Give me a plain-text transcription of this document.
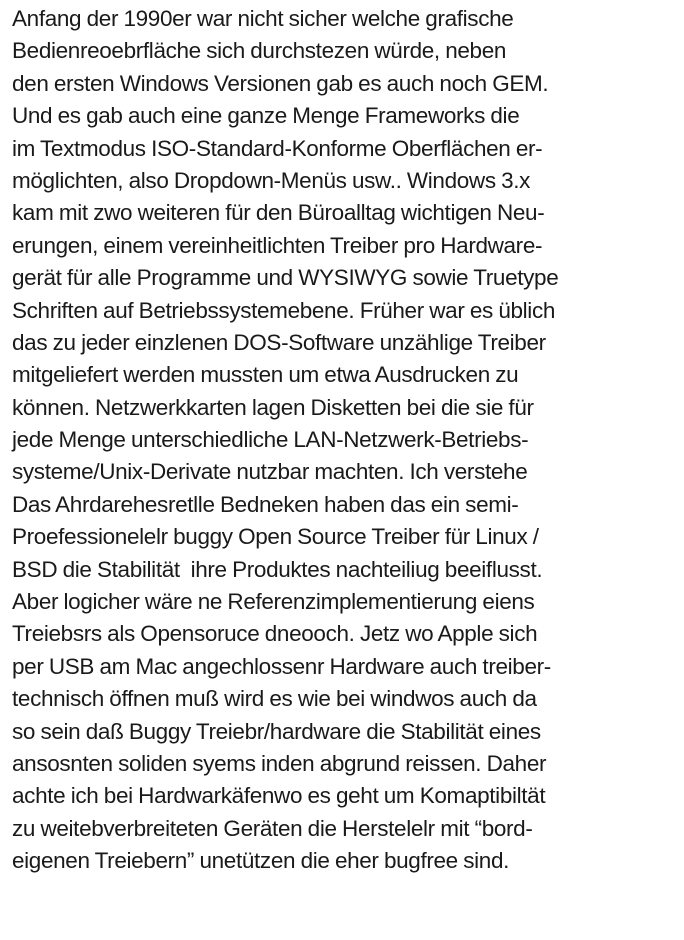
Anfang der 1990er war nicht sicher welche grafische
Bedienreoebrfläche sich durchstezen würde, neben
den ersten Windows Versionen gab es auch noch GEM.
Und es gab auch eine ganze Menge Frameworks die
im Textmodus ISO-Standard-Konforme Oberflächen er-
möglichten, also Dropdown-Menüs usw.. Windows 3.x
kam mit zwo weiteren für den Büroalltag wichtigen Neu-
erungen, einem vereinheitlichten Treiber pro Hardware-
gerät für alle Programme und WYSIWYG sowie Truetype
Schriften auf Betriebssystemebene. Früher war es üblich
das zu jeder einzlenen DOS-Software unzählige Treiber
mitgeliefert werden mussten um etwa Ausdrucken zu
können. Netzwerkkarten lagen Disketten bei die sie für
jede Menge unterschiedliche LAN-Netzwerk-Betriebs-
systeme/Unix-Derivate nutzbar machten. Ich verstehe
Das Ahrdarehesretlle Bedneken haben das ein semi-
Proefessionelelr buggy Open Source Treiber für Linux /
BSD die Stabilität  ihre Produktes nachteiliug beeiflusst.
Aber logicher wäre ne Referenzimplementierung eiens
Treiebsrs als Opensoruce dneooch. Jetz wo Apple sich
per USB am Mac angechlossenr Hardware auch treiber-
technisch öffnen muß wird es wie bei windwos auch da
so sein daß Buggy Treiebr/hardware die Stabilität eines
ansosnten soliden syems inden abgrund reissen. Daher
achte ich bei Hardwarkäfenwo es geht um Komaptibiltät
zu weitebverbreiteten Geräten die Herstelelr mit “bord-
eigenen Treiebern” unetützen die eher bugfree sind.
